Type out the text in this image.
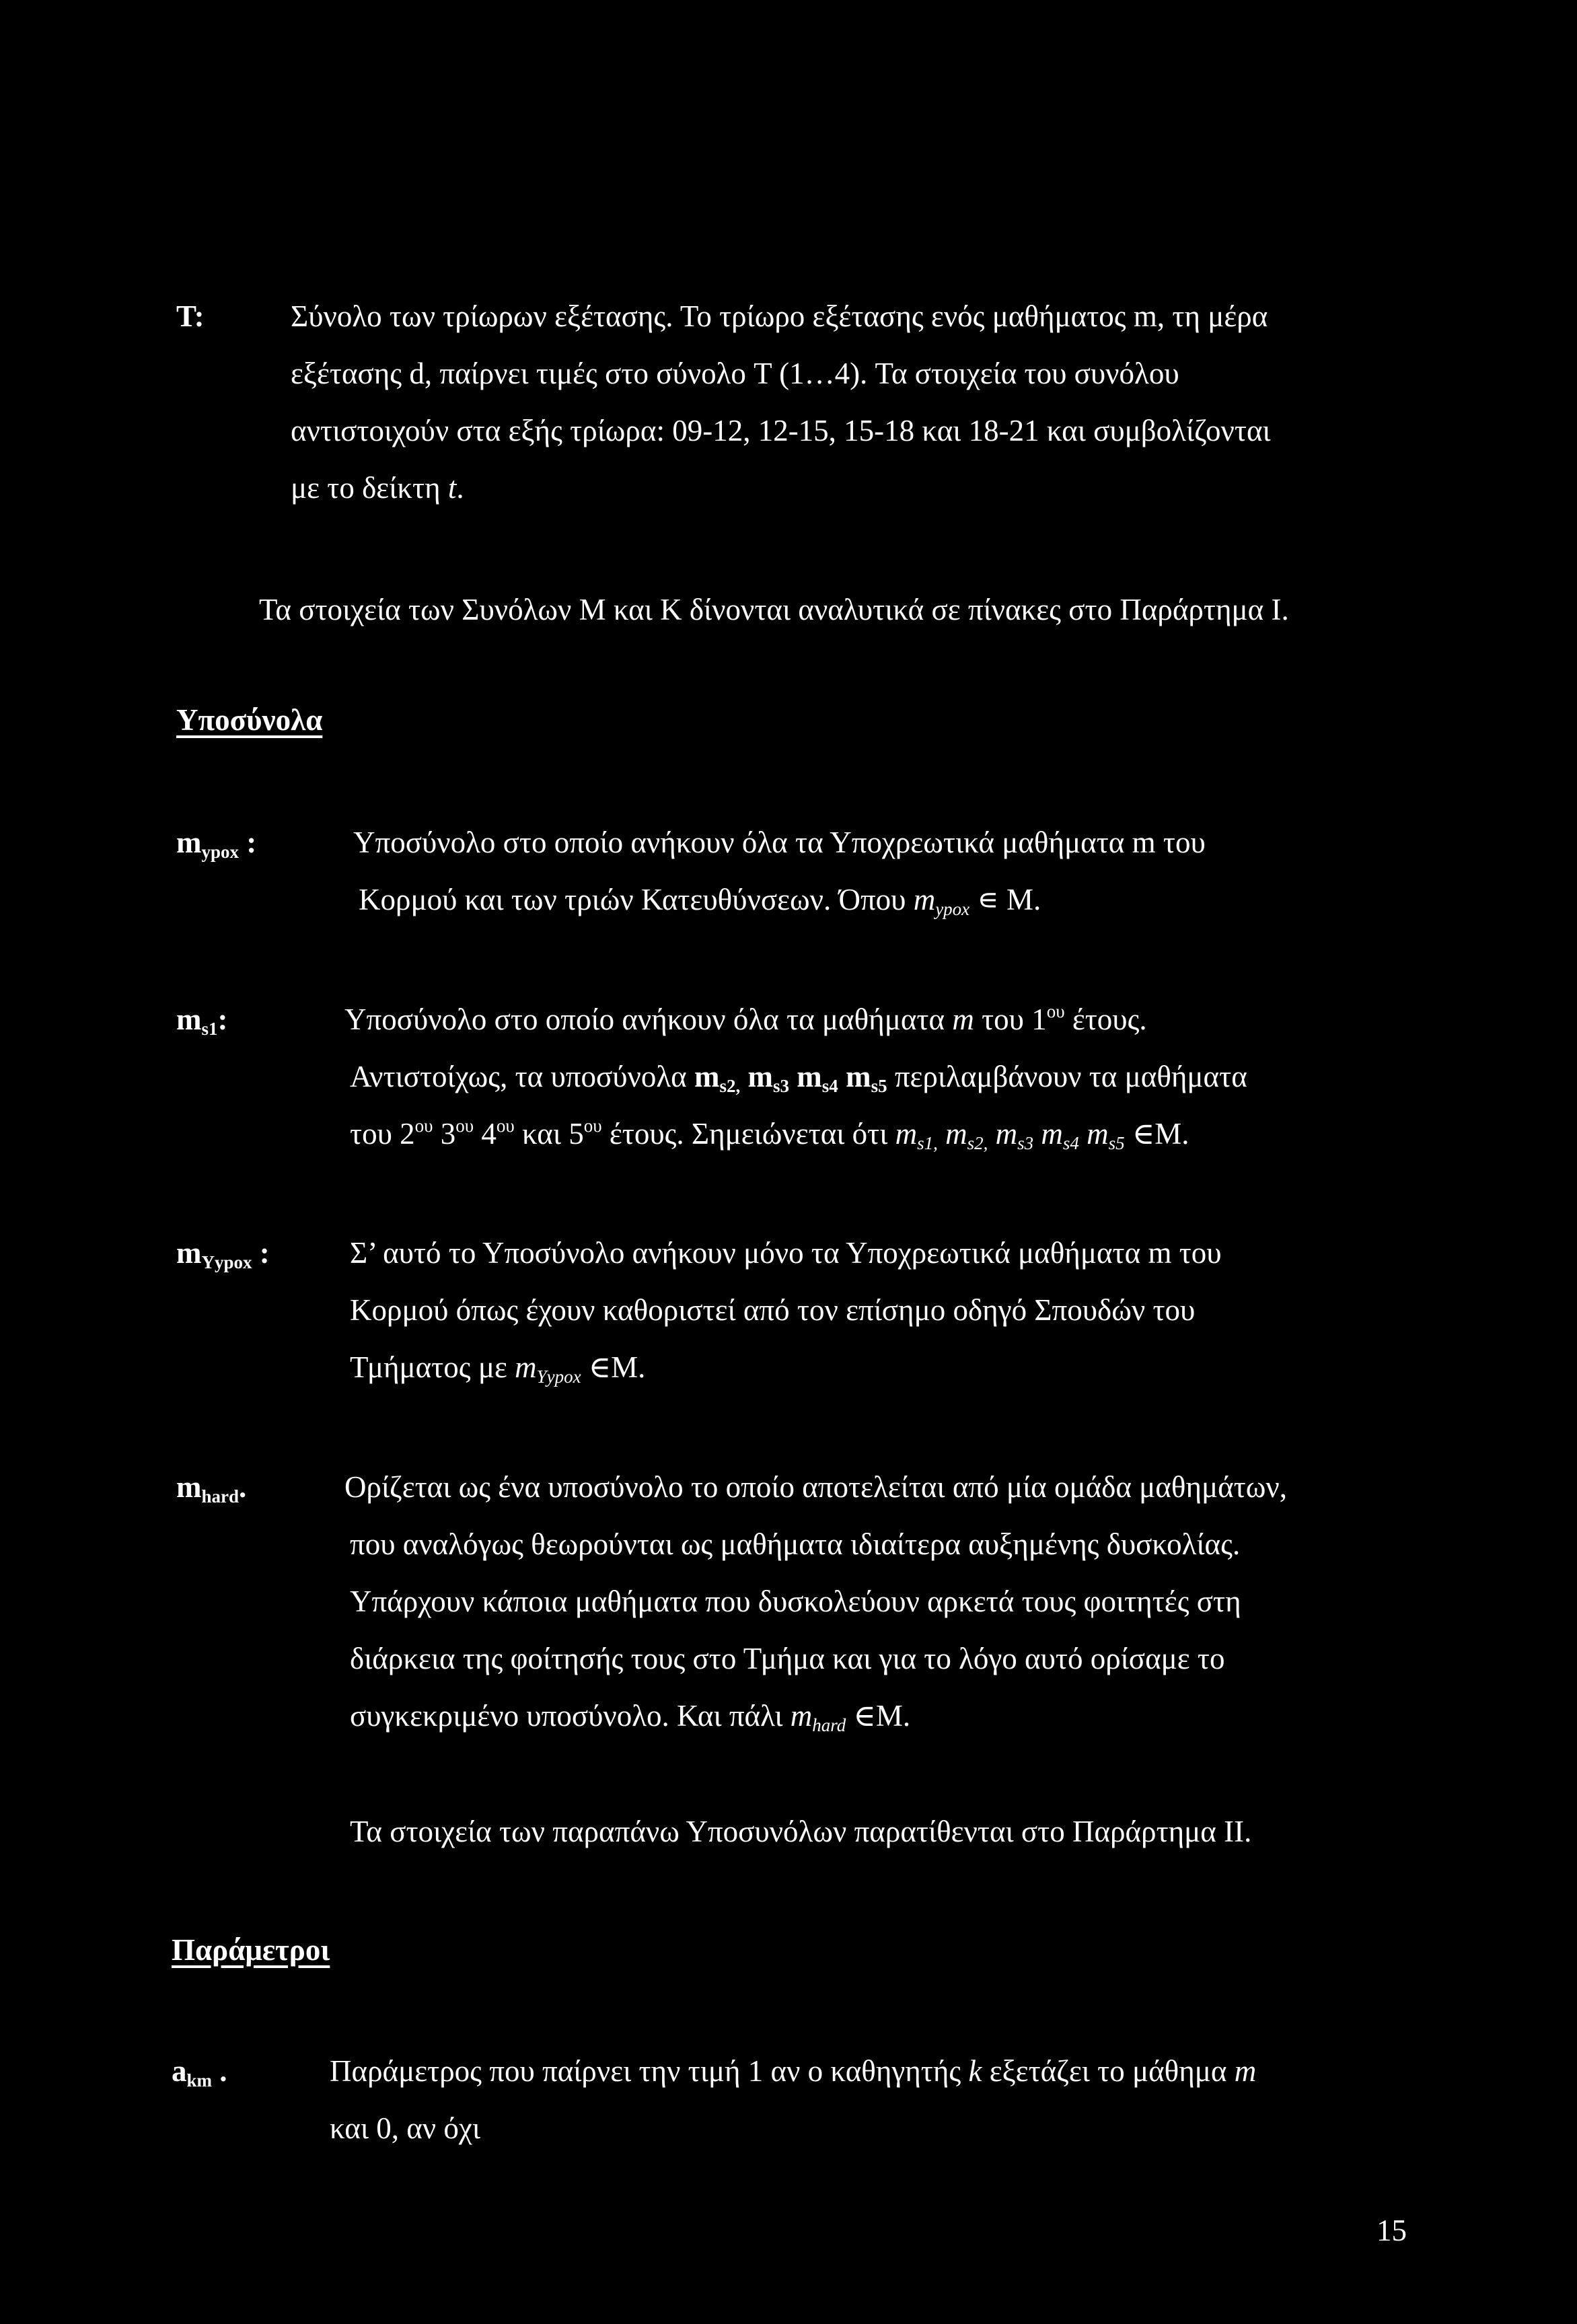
T:	Σύνολο των τρίωρων εξέτασης. Το τρίωρο εξέτασης ενός μαθήματος m, τη μέρα
εξέτασης d, παίρνει τιμές στο σύνολο T (1…4). Τα στοιχεία του συνόλου
αντιστοιχούν στα εξής τρίωρα: 09-12, 12-15, 15-18 και 18-21 και συμβολίζονται
με το δείκτη t.
Τα στοιχεία των Συνόλων M και K δίνονται αναλυτικά σε πίνακες στο Παράρτημα I.
Υποσύνολα
$m_{ypox}$ :	Υποσύνολο στο οποίο ανήκουν όλα τα Υποχρεωτικά μαθήματα m του
Κορμού και των τριών Κατευθύνσεων. Όπου $m_{ypox}$ ∊ M.
$m_{s1}$:	Υποσύνολο στο οποίο ανήκουν όλα τα μαθήματα m του $1^{o\upsilon}$ έτους.
Αντιστοίχως, τα υποσύνολα $m_{s2,}$ $m_{s3}$ $m_{s4}$ $m_{s5}$ περιλαμβάνουν τα μαθήματα
του $2^{o\upsilon}$ $3^{o\upsilon}$ $4^{o\upsilon}$ και $5^{o\upsilon}$ έτους. Σημειώνεται ότι $m_{s1,}$ $m_{s2,}$ $m_{s3}$ $m_{s4}$ $m_{s5}$ ∈M.
$m_{Yypox}$ :	Σ’ αυτό το Υποσύνολο ανήκουν μόνο τα Υποχρεωτικά μαθήματα m του
Κορμού όπως έχουν καθοριστεί από τον επίσημο οδηγό Σπουδών του
Τμήματος με $m_{Yypox}$ ∈M.
$m_{hard}$.	Ορίζεται ως ένα υποσύνολο το οποίο αποτελείται από μία ομάδα μαθημάτων,
που αναλόγως θεωρούνται ως μαθήματα ιδιαίτερα αυξημένης δυσκολίας.
Υπάρχουν κάποια μαθήματα που δυσκολεύουν αρκετά τους φοιτητές στη
διάρκεια της φοίτησής τους στο Τμήμα και για το λόγο αυτό ορίσαμε το
συγκεκριμένο υποσύνολο. Και πάλι $m_{hard}$ ∈M.
Τα στοιχεία των παραπάνω Υποσυνόλων παρατίθενται στο Παράρτημα II.
Παράμετροι
$a_{km}$ .	Παράμετρος που παίρνει την τιμή 1 αν ο καθηγητής k εξετάζει το μάθημα m
και 0, αν όχι
15
